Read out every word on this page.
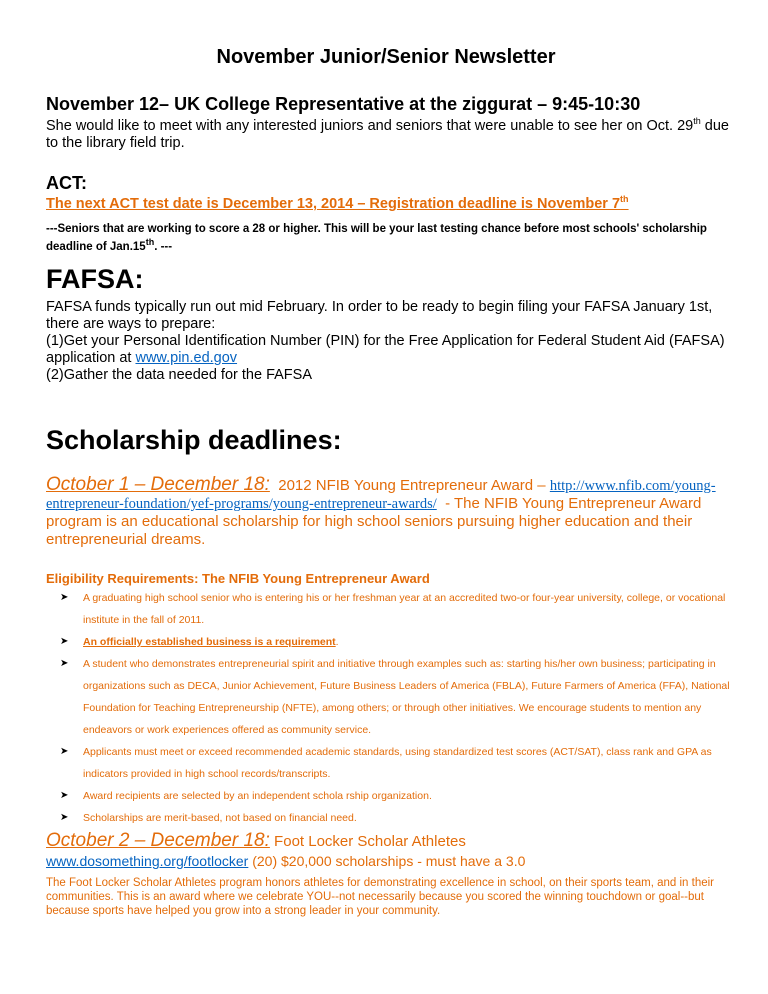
November Junior/Senior Newsletter
November 12– UK College Representative at the ziggurat – 9:45-10:30
She would like to meet with any interested juniors and seniors that were unable to see her on Oct. 29th due to the library field trip.
ACT:
The next ACT test date is December 13, 2014 – Registration deadline is November 7th
---Seniors that are working to score a 28 or higher. This will be your last testing chance before most schools' scholarship deadline of Jan.15th. ---
FAFSA:
FAFSA funds typically run out mid February. In order to be ready to begin filing your FAFSA January 1st, there are ways to prepare:
(1)Get your Personal Identification Number (PIN) for the Free Application for Federal Student Aid (FAFSA) application at www.pin.ed.gov
(2)Gather the data needed for the FAFSA
Scholarship deadlines:
October 1 – December 18:  2012 NFIB Young Entrepreneur Award – http://www.nfib.com/young-entrepreneur-foundation/yef-programs/young-entrepreneur-awards/  - The NFIB Young Entrepreneur Award program is an educational scholarship for high school seniors pursuing higher education and their entrepreneurial dreams.
Eligibility Requirements: The NFIB Young Entrepreneur Award
➤ A graduating high school senior who is entering his or her freshman year at an accredited two-or four-year university, college, or vocational institute in the fall of 2011.
➤ An officially established business is a requirement.
➤ A student who demonstrates entrepreneurial spirit and initiative through examples such as: starting his/her own business; participating in organizations such as DECA, Junior Achievement, Future Business Leaders of America (FBLA), Future Farmers of America (FFA), National Foundation for Teaching Entrepreneurship (NFTE), among others; or through other initiatives. We encourage students to mention any endeavors or work experiences offered as community service.
➤ Applicants must meet or exceed recommended academic standards, using standardized test scores (ACT/SAT), class rank and GPA as indicators provided in high school records/transcripts.
➤ Award recipients are selected by an independent schola rship organization.
➤ Scholarships are merit-based, not based on financial need.
October 2 – December 18: Foot Locker Scholar Athletes
www.dosomething.org/footlocker (20) $20,000 scholarships - must have a 3.0
The Foot Locker Scholar Athletes program honors athletes for demonstrating excellence in school, on their sports team, and in their communities. This is an award where we celebrate YOU--not necessarily because you scored the winning touchdown or goal--but because sports have helped you grow into a strong leader in your community.
